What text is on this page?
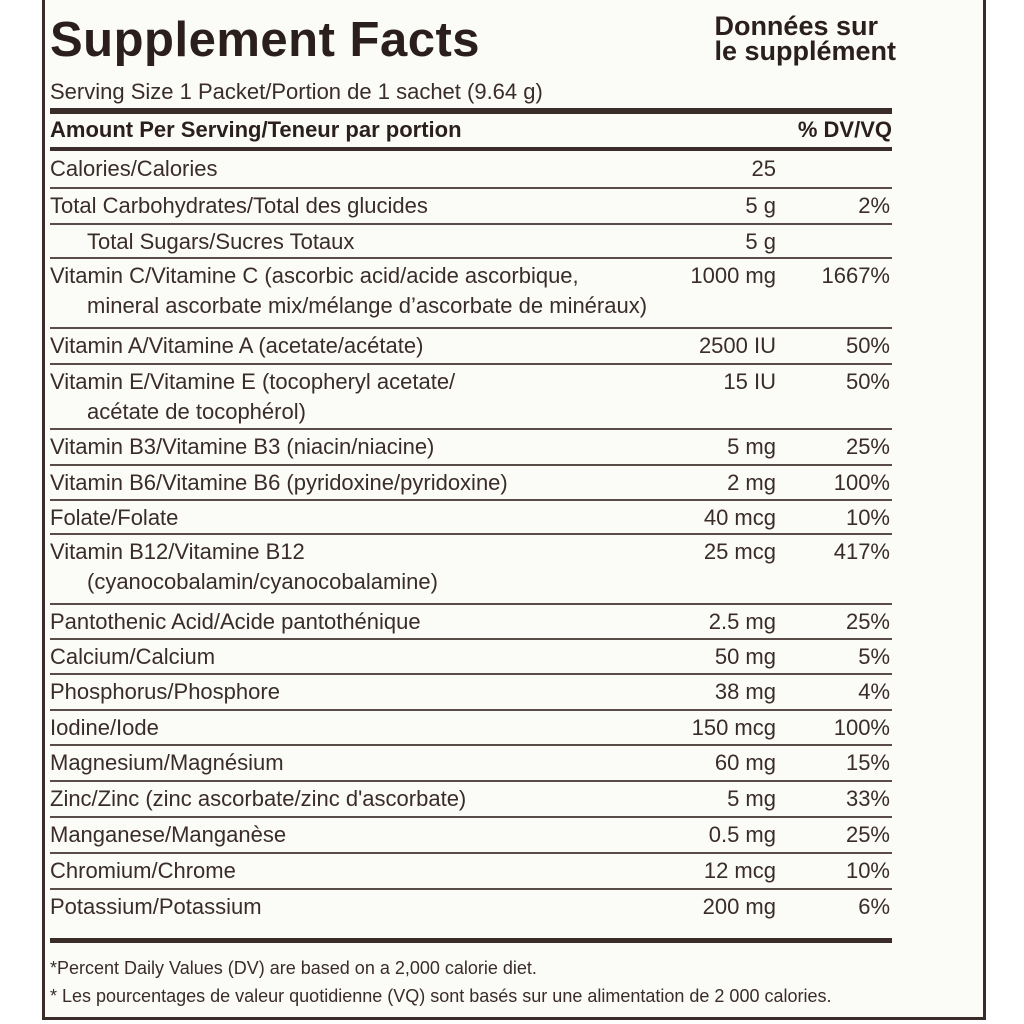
Supplement Facts	Données sur
le supplément
Serving Size 1 Packet/Portion de 1 sachet (9.64 g)
Amount Per Serving/Teneur par portion	% DV/VQ
Calories/Calories	25
Total Carbohydrates/Total des glucides	5 g	2%
Total Sugars/Sucres Totaux	5 g
Vitamin C/Vitamine C (ascorbic acid/acide ascorbique,
mineral ascorbate mix/mélange d’ascorbate de minéraux)
1000 mg 1667%
Vitamin A/Vitamine A (acetate/acétate)	2500 IU	50%
Vitamin E/Vitamine E (tocopheryl acetate/
acétate de tocophérol)
15 IU	50%
Vitamin B3/Vitamine B3 (niacin/niacine)	5 mg	25%
Vitamin B6/Vitamine B6 (pyridoxine/pyridoxine)	2 mg	100%
Folate/Folate	40 mcg	10%
Vitamin B12/Vitamine B12
(cyanocobalamin/cyanocobalamine)
25 mcg	417%
Pantothenic Acid/Acide pantothénique	2.5 mg	25%
Calcium/Calcium	50 mg	5%
Phosphorus/Phosphore	38 mg	4%
Iodine/Iode	150 mcg	100%
Magnesium/Magnésium	60 mg	15%
Zinc/Zinc (zinc ascorbate/zinc d'ascorbate)	5 mg	33%
Manganese/Manganèse	0.5 mg	25%
Chromium/Chrome	12 mcg	10%
Potassium/Potassium	200 mg	6%
*Percent Daily Values (DV) are based on a 2,000 calorie diet.
* Les pourcentages de valeur quotidienne (VQ) sont basés sur une alimentation de 2 000 calories.
